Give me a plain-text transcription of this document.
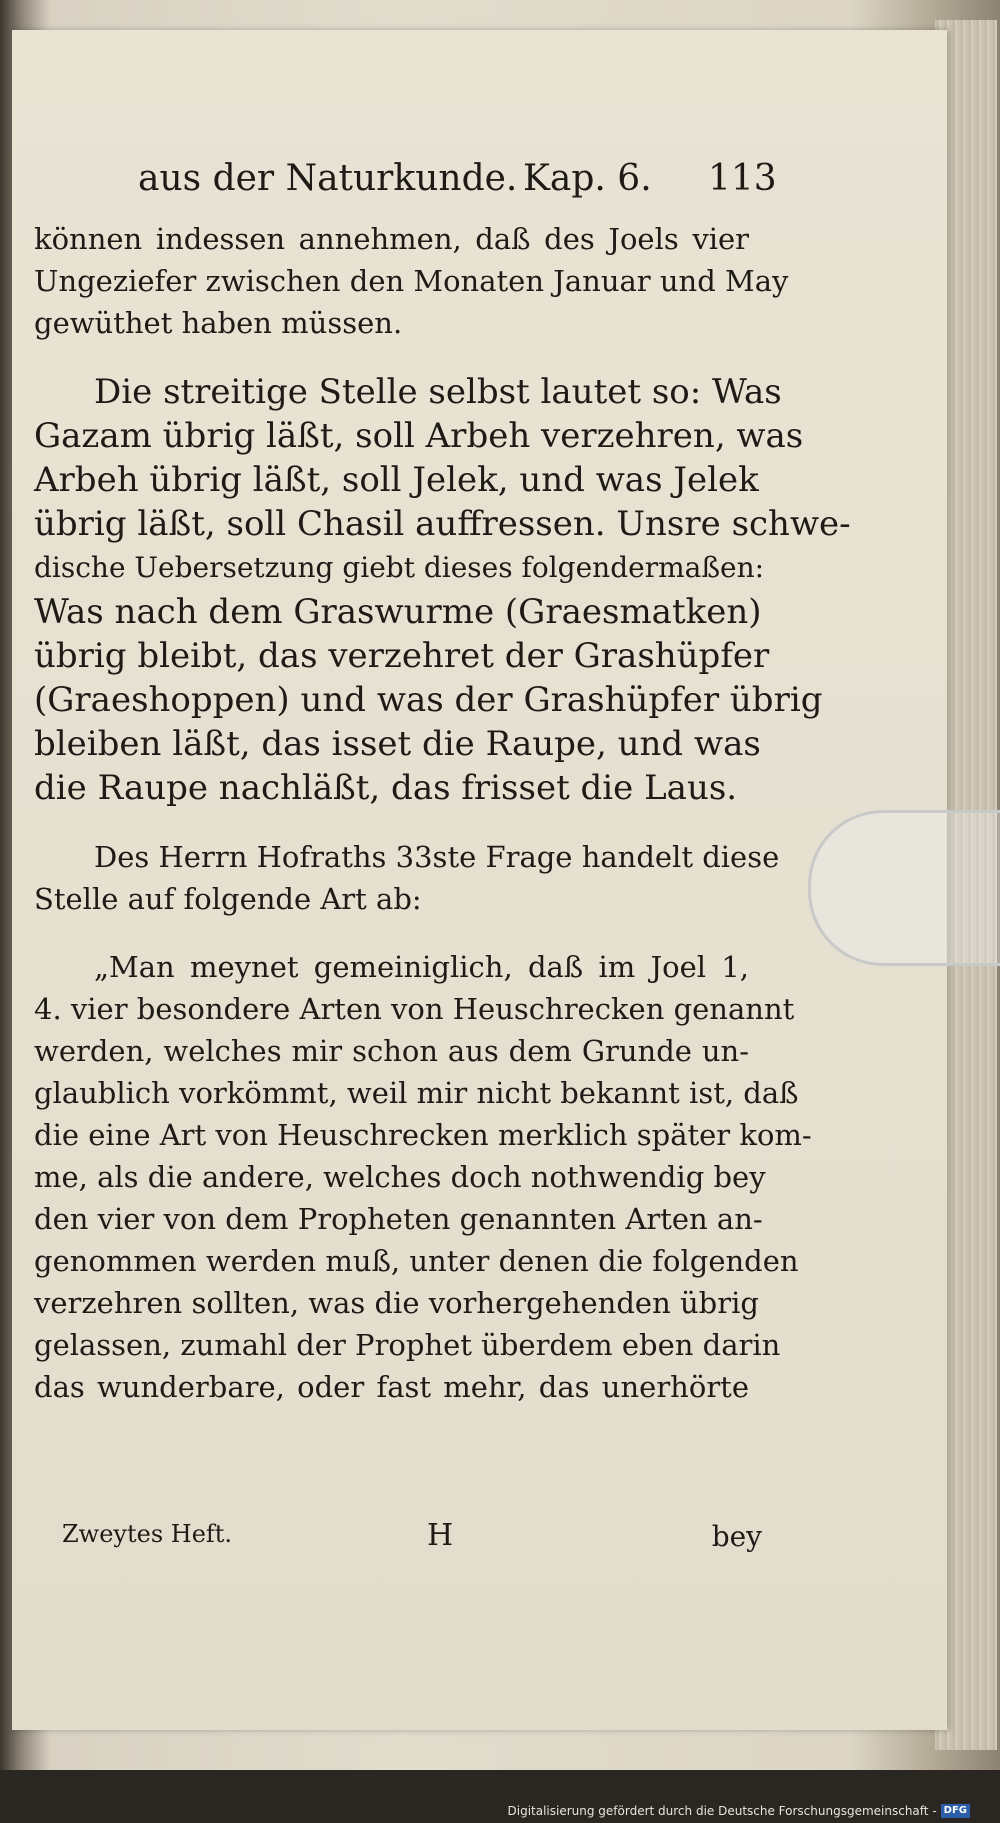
aus der Naturkunde. Kap. 6. 113
können indessen annehmen, daß des Joels vier
Ungeziefer zwischen den Monaten Januar und May
gewüthet haben müssen.
Die streitige Stelle selbst lautet so: Was
Gazam übrig läßt, soll Arbeh verzehren, was
Arbeh übrig läßt, soll Jelek, und was Jelek
übrig läßt, soll Chasil auffressen. Unsre schwe-
dische Uebersetzung giebt dieses folgendermaßen:
Was nach dem Graswurme (Graesmatken)
übrig bleibt, das verzehret der Grashüpfer
(Graeshoppen) und was der Grashüpfer übrig
bleiben läßt, das isset die Raupe, und was
die Raupe nachläßt, das frisset die Laus.
Des Herrn Hofraths 33ste Frage handelt diese
Stelle auf folgende Art ab:
„Man meynet gemeiniglich, daß im Joel 1,
4. vier besondere Arten von Heuschrecken genannt
werden, welches mir schon aus dem Grunde un-
glaublich vorkömmt, weil mir nicht bekannt ist, daß
die eine Art von Heuschrecken merklich später kom-
me, als die andere, welches doch nothwendig bey
den vier von dem Propheten genannten Arten an-
genommen werden muß, unter denen die folgenden
verzehren sollten, was die vorhergehenden übrig
gelassen, zumahl der Prophet überdem eben darin
das wunderbare, oder fast mehr, das unerhörte
Zweytes Heft.	H	bey
Digitalisierung gefördert durch die Deutsche Forschungsgemeinschaft - DFG
